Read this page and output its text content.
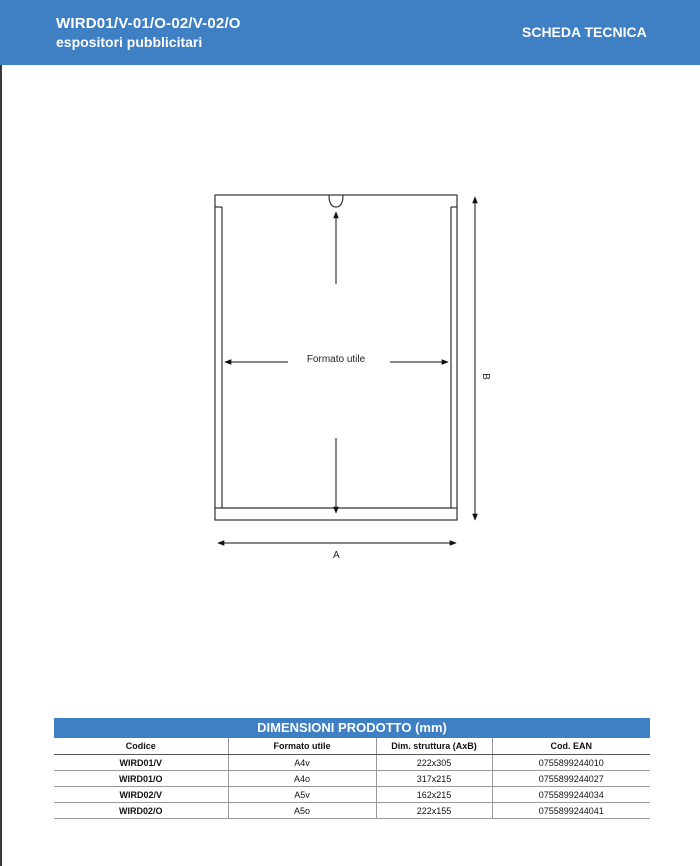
WIRD01/V-01/O-02/V-02/O
espositori pubblicitari
SCHEDA TECNICA
Formato utile
A
B
DIMENSIONI PRODOTTO (mm)
Codice	Formato utile	Dim. struttura (AxB)	Cod. EAN
WIRD01/V	A4v	222x305	0755899244010
WIRD01/O	A4o	317x215	0755899244027
WIRD02/V	A5v	162x215	0755899244034
WIRD02/O	A5o	222x155	0755899244041
